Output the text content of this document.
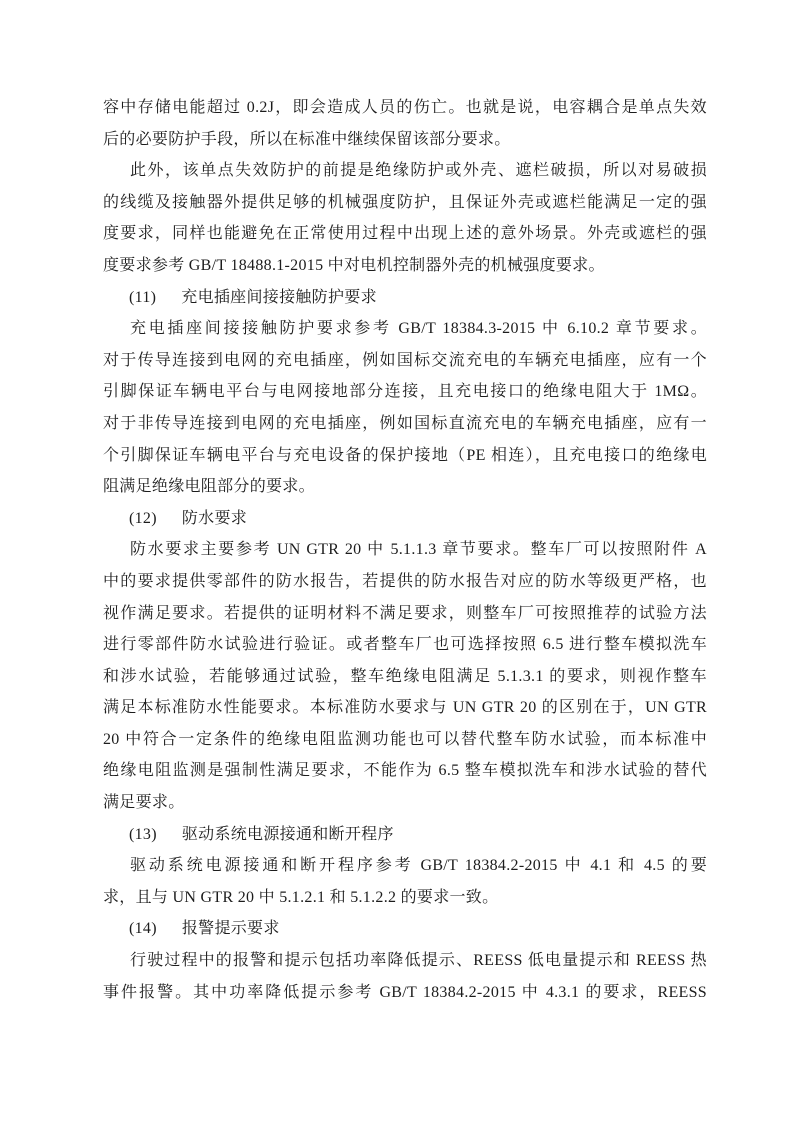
容中存储电能超过 0.2J，即会造成人员的伤亡。也就是说，电容耦合是单点失效
后的必要防护手段，所以在标准中继续保留该部分要求。
此外，该单点失效防护的前提是绝缘防护或外壳、遮栏破损，所以对易破损
的线缆及接触器外提供足够的机械强度防护，且保证外壳或遮栏能满足一定的强
度要求，同样也能避免在正常使用过程中出现上述的意外场景。外壳或遮栏的强
度要求参考 GB/T 18488.1-2015 中对电机控制器外壳的机械强度要求。
(11) 充电插座间接接触防护要求
充电插座间接接触防护要求参考 GB/T 18384.3-2015 中 6.10.2 章节要求。
对于传导连接到电网的充电插座，例如国标交流充电的车辆充电插座，应有一个
引脚保证车辆电平台与电网接地部分连接，且充电接口的绝缘电阻大于 1MΩ。
对于非传导连接到电网的充电插座，例如国标直流充电的车辆充电插座，应有一
个引脚保证车辆电平台与充电设备的保护接地（PE 相连），且充电接口的绝缘电
阻满足绝缘电阻部分的要求。
(12) 防水要求
防水要求主要参考 UN GTR 20 中 5.1.1.3 章节要求。整车厂可以按照附件 A
中的要求提供零部件的防水报告，若提供的防水报告对应的防水等级更严格，也
视作满足要求。若提供的证明材料不满足要求，则整车厂可按照推荐的试验方法
进行零部件防水试验进行验证。或者整车厂也可选择按照 6.5 进行整车模拟洗车
和涉水试验，若能够通过试验，整车绝缘电阻满足 5.1.3.1 的要求，则视作整车
满足本标准防水性能要求。本标准防水要求与 UN GTR 20 的区别在于，UN GTR
20 中符合一定条件的绝缘电阻监测功能也可以替代整车防水试验，而本标准中
绝缘电阻监测是强制性满足要求，不能作为 6.5 整车模拟洗车和涉水试验的替代
满足要求。
(13) 驱动系统电源接通和断开程序
驱动系统电源接通和断开程序参考 GB/T 18384.2-2015 中 4.1 和 4.5 的要
求，且与 UN GTR 20 中 5.1.2.1 和 5.1.2.2 的要求一致。
(14) 报警提示要求
行驶过程中的报警和提示包括功率降低提示、REESS 低电量提示和 REESS 热
事件报警。其中功率降低提示参考 GB/T 18384.2-2015 中 4.3.1 的要求，REESS
